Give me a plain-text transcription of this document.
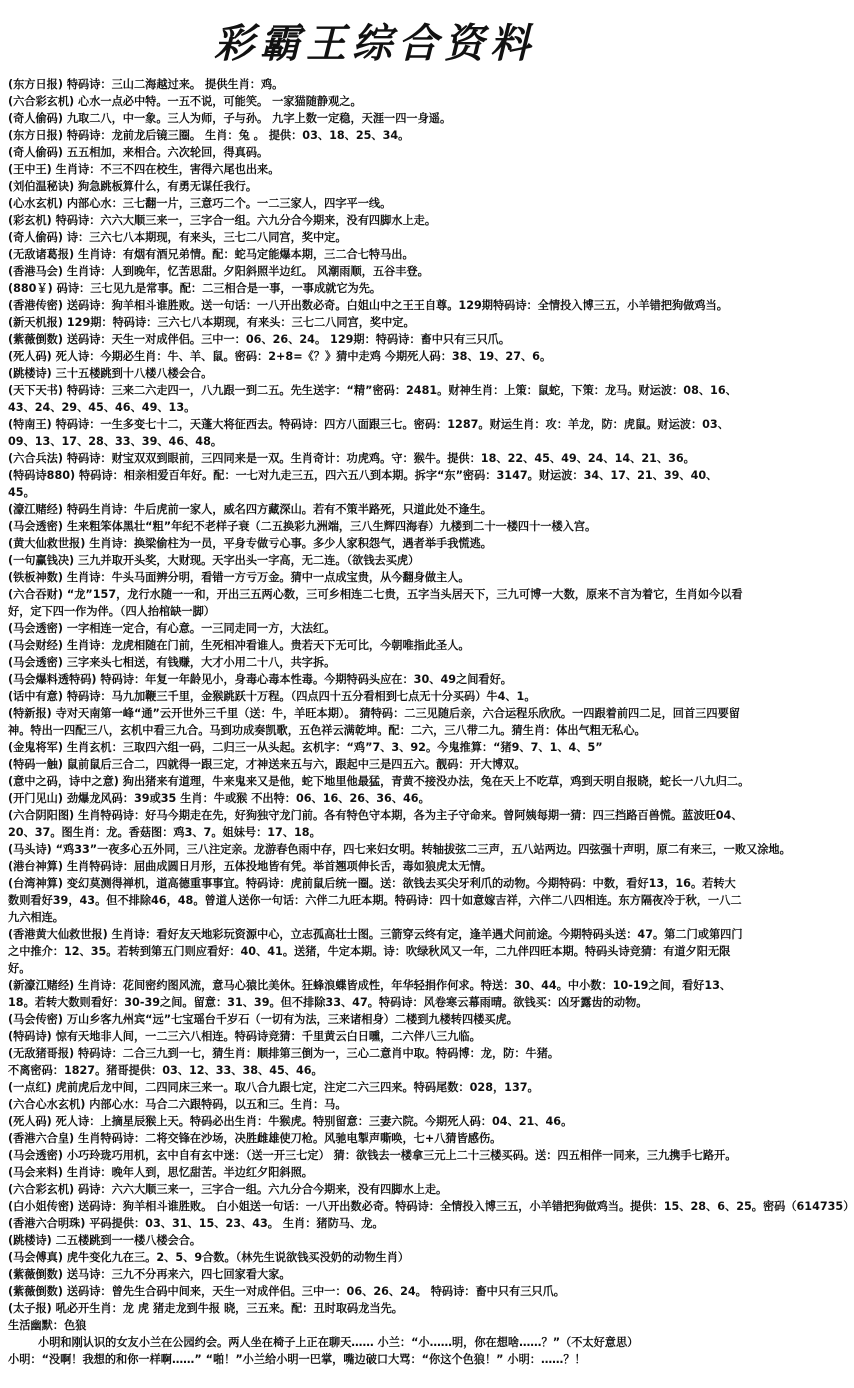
彩霸王综合资料
(东方日报) 特码诗：三山二海越过来。 提供生肖：鸡。
(六合彩玄机) 心水一点必中特。一五不说，可能笑。 一家猫随静观之。
(奇人偷码) 九取二八，中一象。三人为师，子与孙。 九字上数一定稳，天涯一四一身遥。
(东方日报) 特码诗：龙前龙后镜三圈。 生肖：兔 。 提供：03、18、25、34。
(奇人偷码) 五五相加，来相合。六次轮回，得真码。
(王中王) 生肖诗：不三不四在校生，害得六尾也出来。
(刘伯温秘诀) 狗急跳板算什么，有勇无谋任我行。
(心水玄机) 内部心水：三七翻一片，三意巧二个。一二三家人，四字平一线。
(彩玄机) 特码诗：六六大顺三来一，三字合一组。六九分合今期来，没有四脚水上走。
(奇人偷码) 诗：三六七八本期现，有来头，三七二八同宫，奖中定。
(无敌诸葛报) 生肖诗：有烟有酒兄弟情。配：蛇马定能爆本期，三二合七特马出。
(香港马会) 生肖诗：人到晚年，忆苦思甜。夕阳斜照半边红。 风潮雨顺，五谷丰登。
(880￥) 码诗：三七见九是常事。配：二三相合是一事，一事成就它为先。
(香港传密) 送码诗：狗羊相斗谁胜败。送一句话：一八开出数必奇。白姐山中之王王自尊。129期特码诗：全情投入博三五，小羊错把狗做鸡当。
(新天机报) 129期：特码诗：三六七八本期现，有来头：三七二八同宫，奖中定。
(紫薇倒数) 送码诗：天生一对成伴侣。三中一：06、26、24。 129期：特码诗：畜中只有三只爪。
(死人码) 死人诗：今期必生肖：牛、羊、鼠。密码：2+8=《？》猜中走鸡 今期死人码：38、19、27、6。
(跳楼诗) 三十五楼跳到十八楼八楼会合。
(天下天书) 特码诗：三来二六走四一，八九跟一到二五。先生送字：“精”密码：2481。财神生肖：上策：鼠蛇，下策：龙马。财运波：08、16、43、24、29、45、46、49、13。
(特南王) 特码诗：一生多变七十二，天蓬大将征西去。特码诗：四方八面跟三七。密码：1287。财运生肖：攻：羊龙，防：虎鼠。财运波：03、09、13、17、28、33、39、46、48。
(六合兵法) 特码诗：财宝双双到眼前，三四同来是一双。生肖奇计：功虎鸡。守：猴牛。提供：18、22、45、49、24、14、21、36。
(特码诗880) 特码诗：相亲相爱百年好。配：一七对九走三五，四六五八到本期。拆字“东”密码：3147。财运波：34、17、21、39、40、45。
(濠江赌经) 特码生肖诗：牛后虎前一家人，威名四方藏深山。若有不策半路死，只道此处不逢生。
(马会透密) 生来粗笨体黑壮“粗”年纪不老样子衰（二五换彩九洲端，三八生辉四海春）九楼到二十一楼四十一楼入宫。
(黄大仙救世报) 生肖诗：换梁偷柱为一员，平身专做亏心事。多少人家积怨气，遇者举手我慌逃。
(一句赢钱决) 三九并取开头奖，大财现。天字出头一字高，无二连。（欲钱去买虎）
(铁板神数) 生肖诗：牛头马面辨分明，看错一方亏万金。猜中一点成宝贵，从今翻身做主人。
(六合吞财) “龙”157，龙行水随一一和，开出三五两心数，三可乡相连二七贵，五字当头居天下，三九可博一大数，原来不言为着它，生肖如今以看好，定下四一作为伴。（四人抬棺缺一脚）
(马会透密) 一字相连一定合，有心意。一三同走同一方，大法红。
(马会财经) 生肖诗：龙虎相随在门前，生死相冲看谁人。贵若天下无可比，今朝唯指此圣人。
(马会透密) 三字来头七相送，有钱赚，大才小用二十八，共字拆。
(马会爆料透特码) 特码诗：年复一年龄见小，身毒心毒本性毒。今期特码头应在：30、49之间看好。
(话中有意) 特码诗：马九加鞭三千里，金猴跳跃十万程。（四点四十五分看相到七点无十分买码）牛4、1。
(特新报) 寺对天南第一峰“通”云开世外三千里（送：牛，羊旺本期）。 猜特码：二三见随后亲，六合运程乐欣欣。一四跟着前四二足，回首三四要留神。特出一四配三八，玄机中看三九合。马到功成奏凯歌，五色祥云满乾坤。配：二六，三八带二九。猜生肖：体出气粗无私心。
(金鬼将军) 生肖玄机：三取四六组一码，二归三一从头起。玄机字：“鸡”7、3、92。今鬼推算：“猪9、7、1、4、5”
(特码一触) 鼠前鼠后三合二，四就得一跟三定，才神送来五与六，跟起中三是四五六。靓码：开大博双。
(意中之码，诗中之意) 狗出猪来有道理，牛来鬼来又是他，蛇下地里他最猛，青黄不接没办法，兔在天上不吃草，鸡到天明自报晓，蛇长一八九归二。
(开门见山) 劲爆龙风码：39或35 生肖：牛或猴 不出特：06、16、26、36、46。
(六合阴阳图) 生肖特码诗：好马今期走在先，好狗独守龙门前。各有特色守本期，各为主子守命来。曾阿姨每期一猜：四三挡路百兽慌。蓝波旺04、20、37。图生肖：龙。香菇图：鸡3、7。姐妹号：17、18。
(马头诗) “鸡33”一夜多心五外同，三八注定亲。龙游春色雨中存，四七来妇女明。转轴拔弦二三声，五八站两边。四弦强十声明，原二有来三，一败又涂地。
(港台神算) 生肖特码诗：屈曲成圆日月形，五体投地皆有凭。举首翘项伸长舌，毒如狼虎太无情。
(台湾神算) 变幻莫测得禅机，道高德重事事宜。特码诗：虎前鼠后统一圈。送：欲钱去买尖牙利爪的动物。今期特码：中数，看好13，16。若转大数则看好39，43。但不排除46，48。曾道人送你一句话：六伴二九旺本期。特码诗：四十如意嫁吉祥，六伴二八四相连。东方隔夜冷于秋，一八二九六相连。
(香港黄大仙救世报) 生肖诗：看好友天地彩玩资源中心，立志孤高壮士图。三箭穿云终有定，逢羊遇犬问前途。今期特码头送：47。第二门或第四门之中推介：12、35。若转到第五门则应看好：40、41。送猪，牛定本期。诗：吹绿秋风又一年，二九伴四旺本期。特码头诗竞猜：有道夕阳无限好。
(新濠江赌经) 生肖诗：花间密约图风流，意马心猿比美休。狂蜂浪蝶皆成性，年华轻捐作何求。特送：30、44。中小数：10-19之间，看好13、18。若转大数则看好：30-39之间。留意：31、39。但不排除33、47。特码诗：风卷寒云幕雨晴。欲钱买：凶牙露齿的动物。
(马会传密) 万山乡客九州宾“远”七宝瑶台千岁石（一切有为法，三来诸相身）二楼到九楼转四楼买虎。
(特码诗) 惊有天地非人间，一二三六八相连。特码诗竞猜：千里黄云白日曛，二六伴八三九临。
(无敌猪哥报) 特码诗：二合三九到一七，猜生肖：顺排第三倒为一，三心二意肖中取。特码博：龙，防：牛猪。
不离密码：1827。猪哥提供：03、12、33、38、45、46。
(一点红) 虎前虎后龙中间，二四同床三来一。取八合九跟七定，注定二六三四来。特码尾数：028，137。
(六合心水玄机) 内部心水：马合二六跟特码，以五和三。生肖：马。
(死人码) 死人诗：上摘星辰猴上天。特码必出生肖：牛猴虎。特别留意：三妻六院。今期死人码：04、21、46。
(香港六合皇) 生肖特码诗：二将交锋在沙场，决胜雌雄使刀枪。风驰电掣声嘶唤，七+八猜皆感伤。
(马会透密) 小巧玲珑巧用机，玄中自有玄中迷：（送一开三七定） 猜：欲钱去一楼拿三元上二十三楼买码。送：四五相伴一同来，三九携手七路开。
(马会来料) 生肖诗：晚年人到，思忆甜苦。半边红夕阳斜照。
(六合彩玄机) 码诗：六六大顺三来一，三字合一组。六九分合今期来，没有四脚水上走。
(白小姐传密) 送码诗：狗羊相斗谁胜败。 白小姐送一句话：一八开出数必奇。特码诗：全情投入博三五，小羊错把狗做鸡当。提供：15、28、6、25。密码（614735）
(香港六合明珠) 平码提供：03、31、15、23、43。 生肖：猪防马、龙。
(跳楼诗) 二五楼跳到一一楼八楼会合。
(马会傅真) 虎牛变化九在三。2、5、9合数。（林先生说欲钱买没奶的动物生肖）
(紫薇倒数) 送马诗：三九不分再来六，四七回家看大家。
(紫薇倒数) 送码诗：曾先生合码中间来，天生一对成伴侣。三中一：06、26、24。 特码诗：畜中只有三只爪。
(太子报) 吼必开生肖：龙 虎 猪走龙到牛报 晓，三五来。配：丑时取码龙当先。
生活幽默：色狼
小明和刚认识的女友小兰在公园约会。两人坐在椅子上正在聊天…… 小兰：“小……明，你在想啥……？”（不太好意思）
小明：“没啊！我想的和你一样啊……” “啪！”小兰给小明一巴掌，嘴边破口大骂：“你这个色狼！” 小明：……？！
